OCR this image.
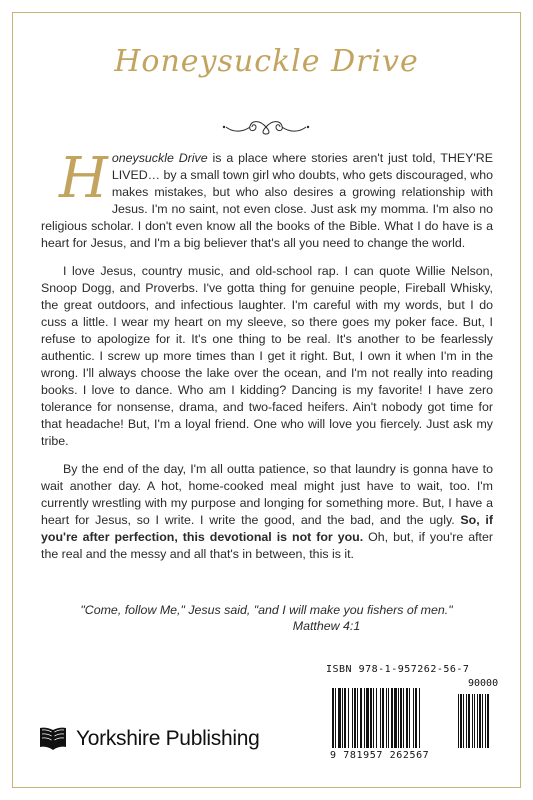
Honeysuckle Drive

Honeysuckle Drive is a place where stories aren't just told, THEY'RE LIVED… by a small town girl who doubts, who gets discouraged, who makes mistakes, but who also desires a growing relationship with Jesus. I'm no saint, not even close. Just ask my momma. I'm also no religious scholar. I don't even know all the books of the Bible. What I do have is a heart for Jesus, and I'm a big believer that's all you need to change the world.

I love Jesus, country music, and old-school rap. I can quote Willie Nelson, Snoop Dogg, and Proverbs. I've gotta thing for genuine people, Fireball Whisky, the great outdoors, and infectious laughter. I'm careful with my words, but I do cuss a little. I wear my heart on my sleeve, so there goes my poker face. But, I refuse to apologize for it. It's one thing to be real. It's another to be fearlessly authentic. I screw up more times than I get it right. But, I own it when I'm in the wrong. I'll always choose the lake over the ocean, and I'm not really into reading books. I love to dance. Who am I kidding? Dancing is my favorite! I have zero tolerance for nonsense, drama, and two-faced heifers. Ain't nobody got time for that headache! But, I'm a loyal friend. One who will love you fiercely. Just ask my tribe.

By the end of the day, I'm all outta patience, so that laundry is gonna have to wait another day. A hot, home-cooked meal might just have to wait, too. I'm currently wrestling with my purpose and longing for something more. But, I have a heart for Jesus, so I write. I write the good, and the bad, and the ugly. So, if you're after perfection, this devotional is not for you. Oh, but, if you're after the real and the messy and all that's in between, this is it.

"Come, follow Me," Jesus said, "and I will make you fishers of men."
Matthew 4:1
Yorkshire Publishing
ISBN 978-1-957262-56-7
90000
9 781957 262567
